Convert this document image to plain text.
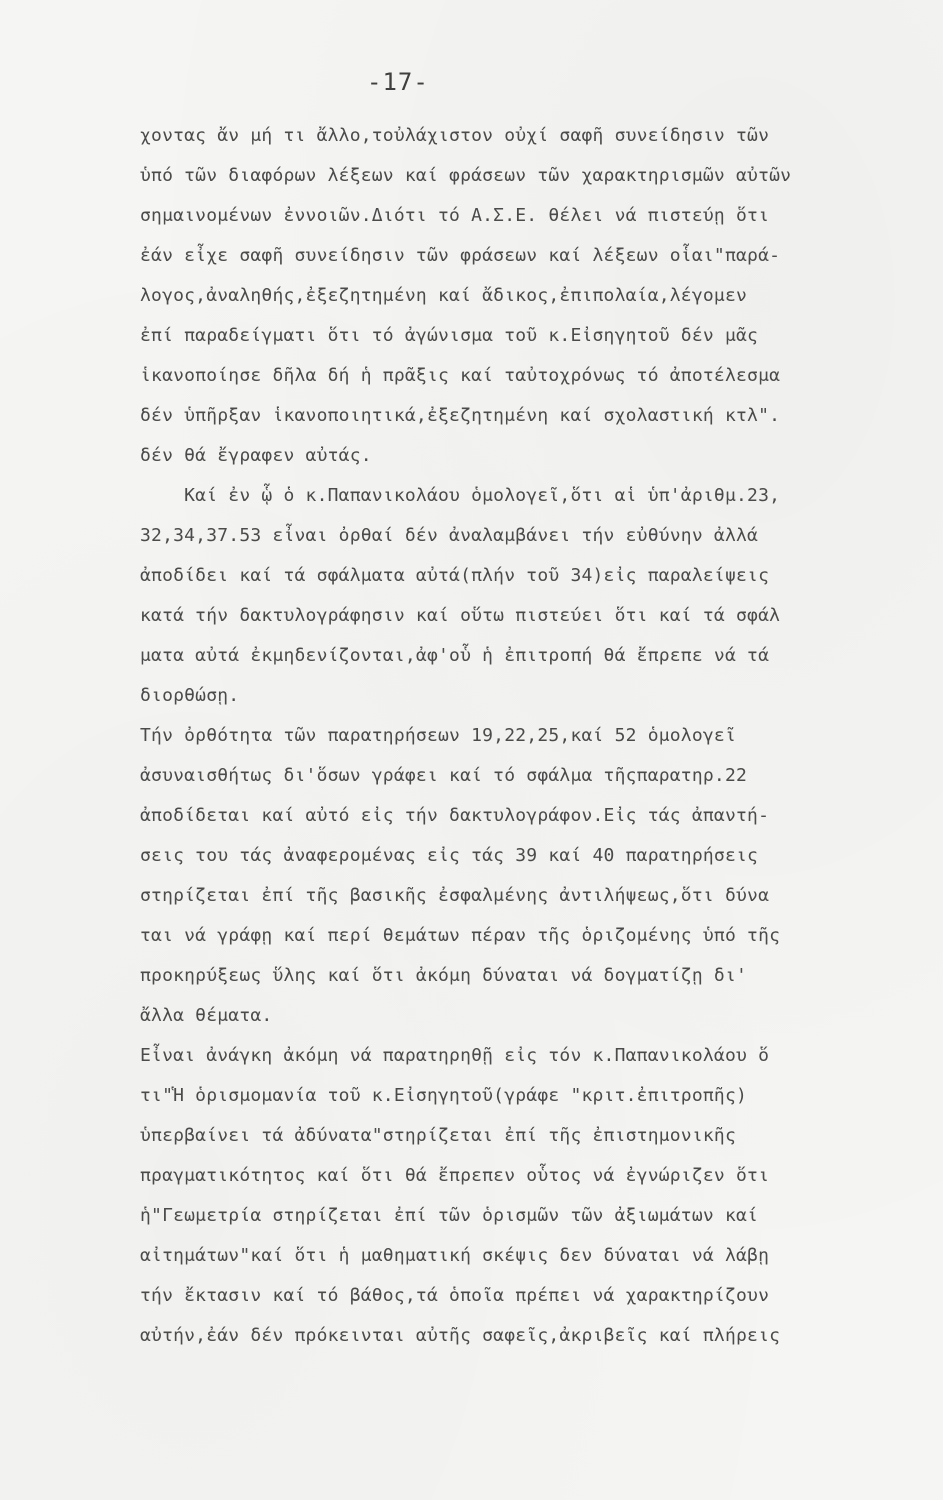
-17-
χοντας ἄν μή τι ἄλλο,τοὐλάχιστον οὐχί σαφῆ συνείδησιν τῶν
ὑπό τῶν διαφόρων λέξεων καί φράσεων τῶν χαρακτηρισμῶν αὐτῶν
σημαινομένων ἐννοιῶν.Διότι τό Α.Σ.Ε. θέλει νά πιστεύῃ ὅτι
ἐάν εἶχε σαφῆ συνείδησιν τῶν φράσεων καί λέξεων οἷαι"παρά-
λογος,ἀναληθής,ἐξεζητημένη καί ἄδικος,ἐπιπολαία,λέγομεν
ἐπί παραδείγματι ὅτι τό ἀγώνισμα τοῦ κ.Εἰσηγητοῦ δέν μᾶς
ἱκανοποίησε δῆλα δή ἡ πρᾶξις καί ταὐτοχρόνως τό ἀποτέλεσμα
δέν ὑπῆρξαν ἱκανοποιητικά,ἐξεζητημένη καί σχολαστική κτλ".
δέν θά ἔγραφεν αὐτάς.
Καί ἐν ᾧ ὁ κ.Παπανικολάου ὁμολογεῖ,ὅτι αἱ ὑπ'ἀριθμ.23,
32,34,37.53 εἶναι ὀρθαί δέν ἀναλαμβάνει τήν εὐθύνην ἀλλά
ἀποδίδει καί τά σφάλματα αὐτά(πλήν τοῦ 34)εἰς παραλείψεις
κατά τήν δακτυλογράφησιν καί οὕτω πιστεύει ὅτι καί τά σφάλ
ματα αὐτά ἐκμηδενίζονται,ἀφ'οὗ ἡ ἐπιτροπή θά ἔπρεπε νά τά
διορθώσῃ.
Τήν ὀρθότητα τῶν παρατηρήσεων 19,22,25,καί 52 ὁμολογεῖ
ἀσυναισθήτως δι'ὅσων γράφει καί τό σφάλμα τῆςπαρατηρ.22
ἀποδίδεται καί αὐτό εἰς τήν δακτυλογράφον.Εἰς τάς ἀπαντή-
σεις του τάς ἀναφερομένας εἰς τάς 39 καί 40 παρατηρήσεις
στηρίζεται ἐπί τῆς βασικῆς ἐσφαλμένης ἀντιλήψεως,ὅτι δύνα
ται νά γράφῃ καί περί θεμάτων πέραν τῆς ὁριζομένης ὑπό τῆς
προκηρύξεως ὕλης καί ὅτι ἀκόμη δύναται νά δογματίζῃ δι'
ἄλλα θέματα.
Εἶναι ἀνάγκη ἀκόμη νά παρατηρηθῇ εἰς τόν κ.Παπανικολάου ὅ
τι"Ἡ ὁρισμομανία τοῦ κ.Εἰσηγητοῦ(γράφε "κριτ.ἐπιτροπῆς)
ὑπερβαίνει τά ἀδύνατα"στηρίζεται ἐπί τῆς ἐπιστημονικῆς
πραγματικότητος καί ὅτι θά ἔπρεπεν οὗτος νά ἐγνώριζεν ὅτι
ἡ"Γεωμετρία στηρίζεται ἐπί τῶν ὁρισμῶν τῶν ἀξιωμάτων καί
αἰτημάτων"καί ὅτι ἡ μαθηματική σκέψις δεν δύναται νά λάβῃ
τήν ἔκτασιν καί τό βάθος,τά ὁποῖα πρέπει νά χαρακτηρίζουν
αὐτήν,ἐάν δέν πρόκεινται αὐτῆς σαφεῖς,ἀκριβεῖς καί πλήρεις
